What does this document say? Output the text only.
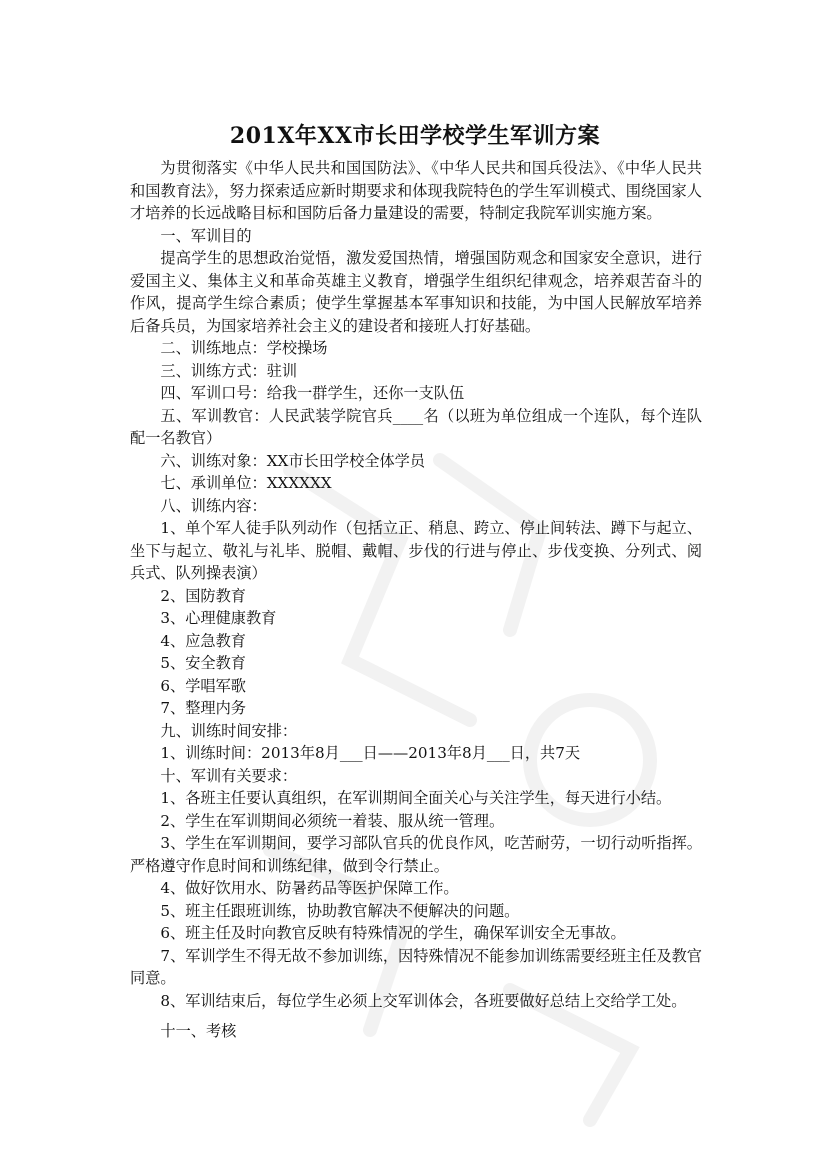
201X年XX市长田学校学生军训方案

为贯彻落实《中华人民共和国国防法》、《中华人民共和国兵役法》、《中华人民共和国教育法》，努力探索适应新时期要求和体现我院特色的学生军训模式、围绕国家人才培养的长远战略目标和国防后备力量建设的需要，特制定我院军训实施方案。

一、军训目的

提高学生的思想政治觉悟，激发爱国热情，增强国防观念和国家安全意识，进行爱国主义、集体主义和革命英雄主义教育，增强学生组织纪律观念，培养艰苦奋斗的作风，提高学生综合素质；使学生掌握基本军事知识和技能，为中国人民解放军培养后备兵员，为国家培养社会主义的建设者和接班人打好基础。

二、训练地点：学校操场

三、训练方式：驻训

四、军训口号：给我一群学生，还你一支队伍

五、军训教官：人民武装学院官兵____名（以班为单位组成一个连队，每个连队配一名教官）

六、训练对象：XX市长田学校全体学员

七、承训单位：XXXXXX

八、训练内容：

1、单个军人徒手队列动作（包括立正、稍息、跨立、停止间转法、蹲下与起立、坐下与起立、敬礼与礼毕、脱帽、戴帽、步伐的行进与停止、步伐变换、分列式、阅兵式、队列操表演）

2、国防教育

3、心理健康教育

4、应急教育

5、安全教育

6、学唱军歌

7、整理内务

九、训练时间安排：

1、训练时间：2013年8月___日——2013年8月___日，共7天

十、军训有关要求：

1、各班主任要认真组织，在军训期间全面关心与关注学生，每天进行小结。

2、学生在军训期间必须统一着装、服从统一管理。

3、学生在军训期间，要学习部队官兵的优良作风，吃苦耐劳，一切行动听指挥。严格遵守作息时间和训练纪律，做到令行禁止。

4、做好饮用水、防暑药品等医护保障工作。

5、班主任跟班训练，协助教官解决不便解决的问题。

6、班主任及时向教官反映有特殊情况的学生，确保军训安全无事故。

7、军训学生不得无故不参加训练，因特殊情况不能参加训练需要经班主任及教官同意。

8、军训结束后，每位学生必须上交军训体会，各班要做好总结上交给学工处。

十一、考核
